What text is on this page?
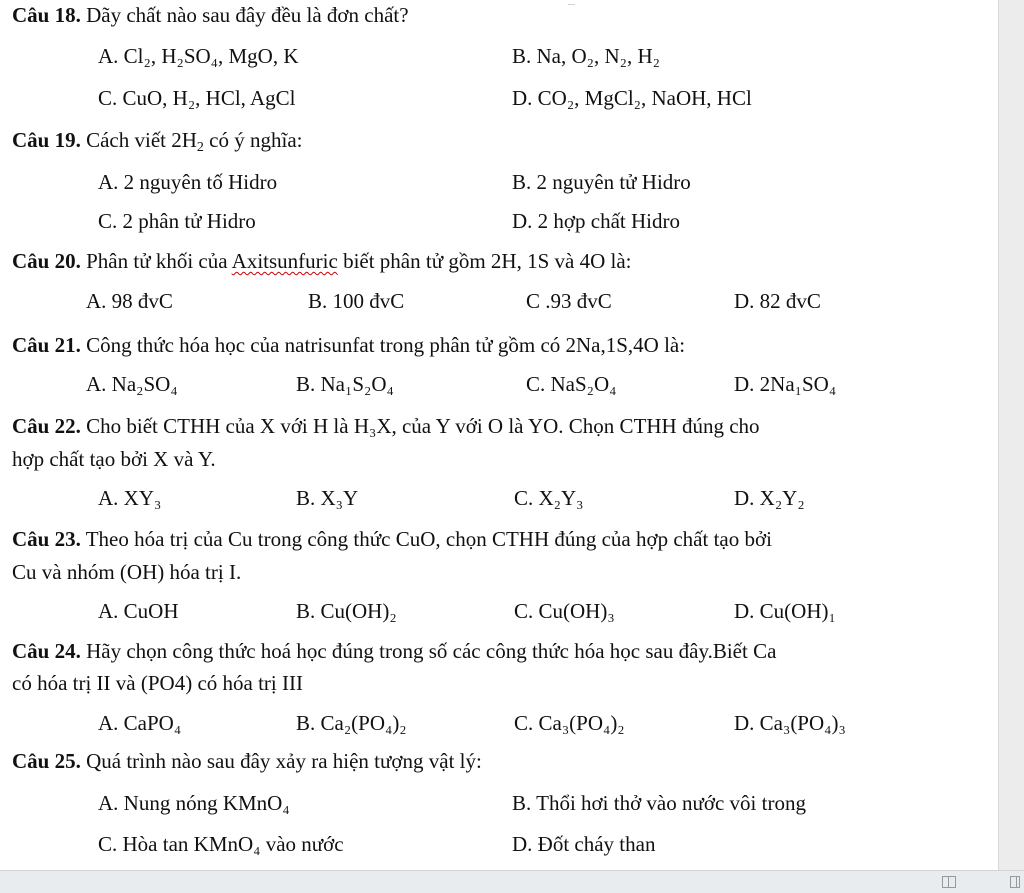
---
Câu 18. Dãy chất nào sau đây đều là đơn chất?
A. Cl₂, H₂SO₄, MgO, K	B. Na, O₂, N₂, H₂
C. CuO, H₂, HCl, AgCl	D. CO₂, MgCl₂, NaOH, HCl
Câu 19. Cách viết $2H_2$ có ý nghĩa:
A. 2 nguyên tố Hidro	B. 2 nguyên tử Hidro
C. 2 phân tử Hidro	D. 2 hợp chất Hidro
Câu 20. Phân tử khối của Axitsunfuric biết phân tử gồm 2H, 1S và 4O là:
A. 98 đvC	B. 100 đvC	C .93 đvC	D. 82 đvC
Câu 21. Công thức hóa học của natrisunfat trong phân tử gồm có 2Na,1S,4O là:
A. Na₂SO₄	B. Na₁S₂O₄	C. NaS₂O₄	D. 2Na₁SO₄
Câu 22. Cho biết CTHH của X với H là H₃X, của Y với O là YO. Chọn CTHH đúng cho
hợp chất tạo bởi X và Y.
A. XY₃	B. X₃Y	C. X₂Y₃	D. X₂Y₂
Câu 23. Theo hóa trị của Cu trong công thức CuO, chọn CTHH đúng của hợp chất tạo bởi
Cu và nhóm (OH) hóa trị I.
A. CuOH	B. Cu(OH)₂	C. Cu(OH)₃	D. Cu(OH)₁
Câu 24. Hãy chọn công thức hoá học đúng trong số các công thức hóa học sau đây.Biết Ca
có hóa trị II và (PO4) có hóa trị III
A. CaPO₄	B. Ca₂(PO₄)₂	C. Ca₃(PO₄)₂	D. Ca₃(PO₄)₃
Câu 25. Quá trình nào sau đây xảy ra hiện tượng vật lý:
A. Nung nóng KMnO₄	B. Thổi hơi thở vào nước vôi trong
C. Hòa tan KMnO₄ vào nước	D. Đốt cháy than
